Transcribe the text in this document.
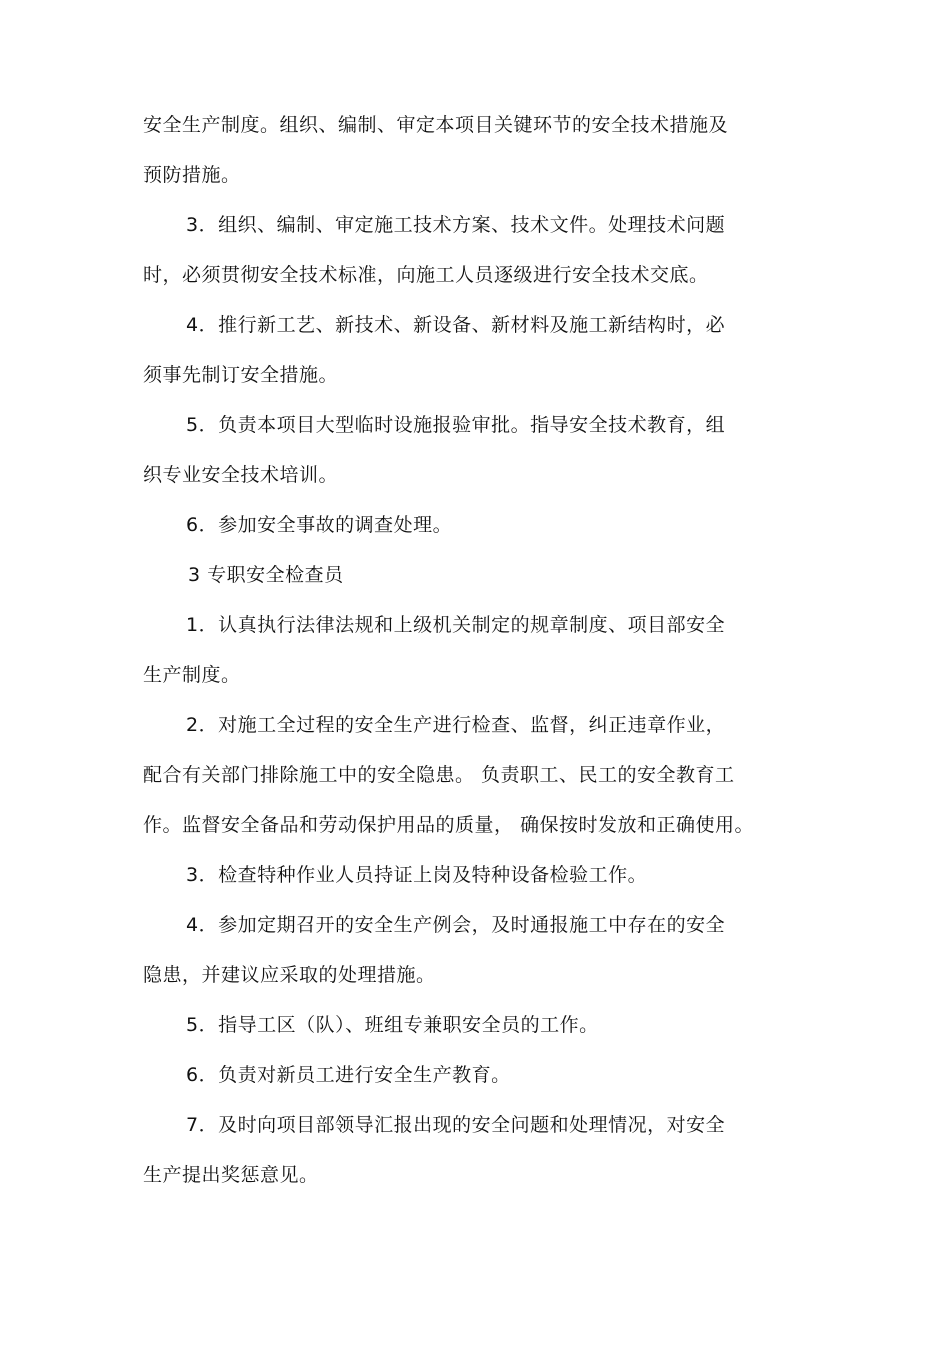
安全生产制度。组织、编制、审定本项目关键环节的安全技术措施及
预防措施。
3．组织、编制、审定施工技术方案、技术文件。处理技术问题
时，必须贯彻安全技术标准，向施工人员逐级进行安全技术交底。
4．推行新工艺、新技术、新设备、新材料及施工新结构时，必
须事先制订安全措施。
5．负责本项目大型临时设施报验审批。指导安全技术教育，组
织专业安全技术培训。
6．参加安全事故的调查处理。
3 专职安全检查员
1．认真执行法律法规和上级机关制定的规章制度、项目部安全
生产制度。
2．对施工全过程的安全生产进行检查、监督，纠正违章作业，
配合有关部门排除施工中的安全隐患。 负责职工、民工的安全教育工
作。监督安全备品和劳动保护用品的质量， 确保按时发放和正确使用。
3．检查特种作业人员持证上岗及特种设备检验工作。
4．参加定期召开的安全生产例会，及时通报施工中存在的安全
隐患，并建议应采取的处理措施。
5．指导工区（队）、班组专兼职安全员的工作。
6．负责对新员工进行安全生产教育。
7．及时向项目部领导汇报出现的安全问题和处理情况，对安全
生产提出奖惩意见。
